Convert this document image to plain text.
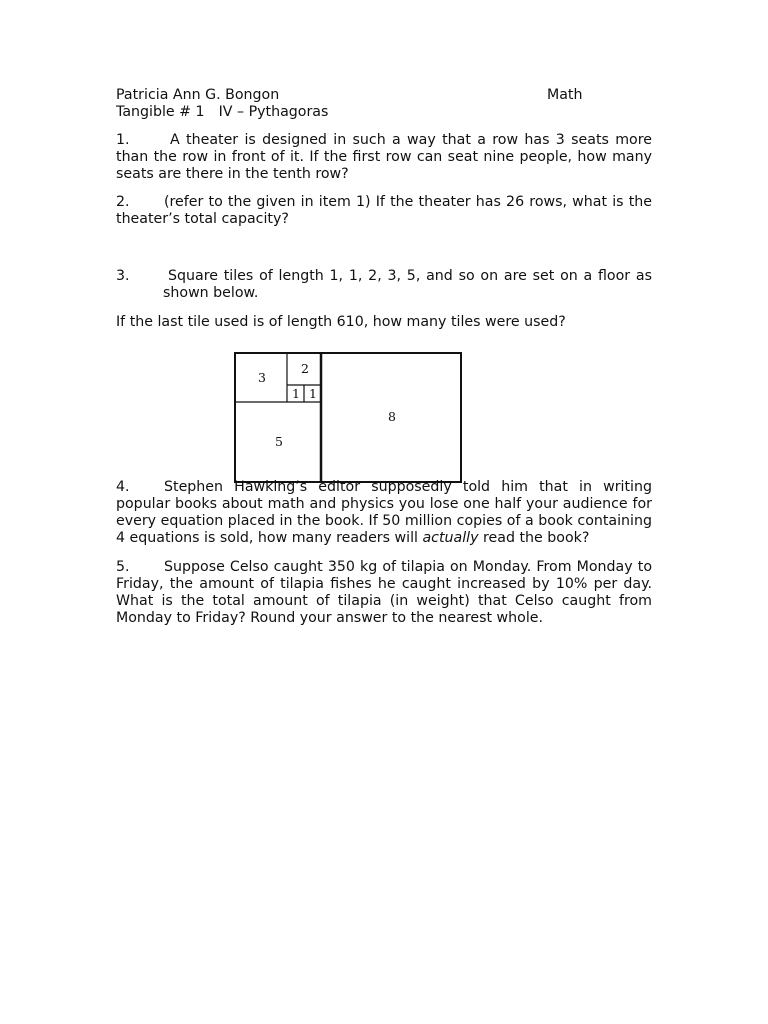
Patricia Ann G. Bongon	Math
Tangible # 1 IV – Pythagoras

1.	A theater is designed in such a way that a row has 3 seats more than the row in front of it. If the first row can seat nine people, how many seats are there in the tenth row?

2. (refer to the given in item 1) If the theater has 26 rows, what is the theater’s total capacity?

3.	Square tiles of length 1, 1, 2, 3, 5, and so on are set on a floor as shown below.

If the last tile used is of length 610, how many tiles were used?

4. Stephen Hawking’s editor supposedly told him that in writing popular books about math and physics you lose one half your audience for every equation placed in the book. If 50 million copies of a book containing 4 equations is sold, how many readers will actually read the book?

5. Suppose Celso caught 350 kg of tilapia on Monday. From Monday to Friday, the amount of tilapia fishes he caught increased by 10% per day. What is the total amount of tilapia (in weight) that Celso caught from Monday to Friday? Round your answer to the nearest whole.

3
2
1 1
5
8
